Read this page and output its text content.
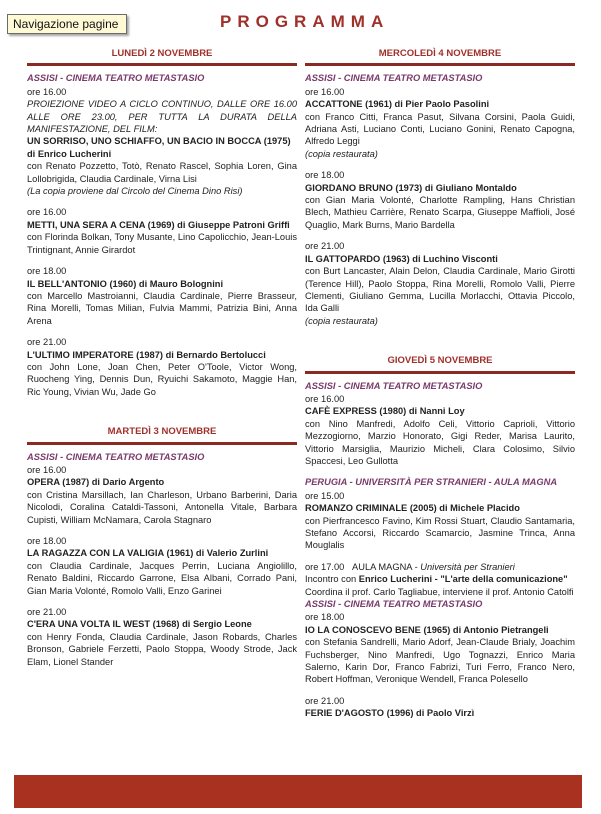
Navigazione pagine	PROGRAMMA
LUNEDÌ 2 NOVEMBRE
ASSISI - CINEMA TEATRO METASTASIO
ore 16.00
PROIEZIONE VIDEO A CICLO CONTINUO, DALLE ORE 16.00 ALLE ORE 23.00, PER TUTTA LA DURATA DELLA MANIFESTAZIONE, DEL FILM:
UN SORRISO, UNO SCHIAFFO, UN BACIO IN BOCCA (1975) di Enrico Lucherini
con Renato Pozzetto, Totò, Renato Rascel, Sophia Loren, Gina Lollobrigida, Claudia Cardinale, Virna Lisi
(La copia proviene dal Circolo del Cinema Dino Risi)
ore 16.00
METTI, UNA SERA A CENA (1969) di Giuseppe Patroni Griffi
con Florinda Bolkan, Tony Musante, Lino Capolicchio, Jean-Louis Trintignant, Annie Girardot
ore 18.00
IL BELL'ANTONIO (1960) di Mauro Bolognini
con Marcello Mastroianni, Claudia Cardinale, Pierre Brasseur, Rina Morelli, Tomas Milian, Fulvia Mammi, Patrizia Bini, Anna Arena
ore 21.00
L'ULTIMO IMPERATORE (1987) di Bernardo Bertolucci
con John Lone, Joan Chen, Peter O'Toole, Victor Wong, Ruocheng Ying, Dennis Dun, Ryuichi Sakamoto, Maggie Han, Ric Young, Vivian Wu, Jade Go
MARTEDÌ 3 NOVEMBRE
ASSISI - CINEMA TEATRO METASTASIO
ore 16.00
OPERA (1987) di Dario Argento
con Cristina Marsillach, Ian Charleson, Urbano Barberini, Daria Nicolodi, Coralina Cataldi-Tassoni, Antonella Vitale, Barbara Cupisti, William McNamara, Carola Stagnaro
ore 18.00
LA RAGAZZA CON LA VALIGIA (1961) di Valerio Zurlini
con Claudia Cardinale, Jacques Perrin, Luciana Angiolillo, Renato Baldini, Riccardo Garrone, Elsa Albani, Corrado Pani, Gian Maria Volonté, Romolo Valli, Enzo Garinei
ore 21.00
C'ERA UNA VOLTA IL WEST (1968) di Sergio Leone
con Henry Fonda, Claudia Cardinale, Jason Robards, Charles Bronson, Gabriele Ferzetti, Paolo Stoppa, Woody Strode, Jack Elam, Lionel Stander
MERCOLEDÌ 4 NOVEMBRE
ASSISI - CINEMA TEATRO METASTASIO
ore 16.00
ACCATTONE (1961) di Pier Paolo Pasolini
con Franco Citti, Franca Pasut, Silvana Corsini, Paola Guidi, Adriana Asti, Luciano Conti, Luciano Gonini, Renato Capogna, Alfredo Leggi
(copia restaurata)
ore 18.00
GIORDANO BRUNO (1973) di Giuliano Montaldo
con Gian Maria Volonté, Charlotte Rampling, Hans Christian Blech, Mathieu Carrière, Renato Scarpa, Giuseppe Maffioli, José Quaglio, Mark Burns, Mario Bardella
ore 21.00
IL GATTOPARDO (1963) di Luchino Visconti
con Burt Lancaster, Alain Delon, Claudia Cardinale, Mario Girotti (Terence Hill), Paolo Stoppa, Rina Morelli, Romolo Valli, Pierre Clementi, Giuliano Gemma, Lucilla Morlacchi, Ottavia Piccolo, Ida Galli
(copia restaurata)
GIOVEDÌ 5 NOVEMBRE
ASSISI - CINEMA TEATRO METASTASIO
ore 16.00
CAFÈ EXPRESS (1980) di Nanni Loy
con Nino Manfredi, Adolfo Celi, Vittorio Caprioli, Vittorio Mezzogiorno, Marzio Honorato, Gigi Reder, Marisa Laurito, Vittorio Marsiglia, Maurizio Micheli, Clara Colosimo, Silvio Spaccesi, Leo Gullotta
PERUGIA - UNIVERSITÀ PER STRANIERI - AULA MAGNA
ore 15.00
ROMANZO CRIMINALE (2005) di Michele Placido
con Pierfrancesco Favino, Kim Rossi Stuart, Claudio Santamaria, Stefano Accorsi, Riccardo Scamarcio, Jasmine Trinca, Anna Mouglalis
ore 17.00 AULA MAGNA - Università per Stranieri
Incontro con Enrico Lucherini - "L'arte della comunicazione"
Coordina il prof. Carlo Tagliabue, interviene il prof. Antonio Catolfi
ASSISI - CINEMA TEATRO METASTASIO
ore 18.00
IO LA CONOSCEVO BENE (1965) di Antonio Pietrangeli
con Stefania Sandrelli, Mario Adorf, Jean-Claude Brialy, Joachim Fuchsberger, Nino Manfredi, Ugo Tognazzi, Enrico Maria Salerno, Karin Dor, Franco Fabrizi, Turi Ferro, Franco Nero, Robert Hoffman, Veronique Wendell, Franca Polesello
ore 21.00
FERIE D'AGOSTO (1996) di Paolo Virzì
